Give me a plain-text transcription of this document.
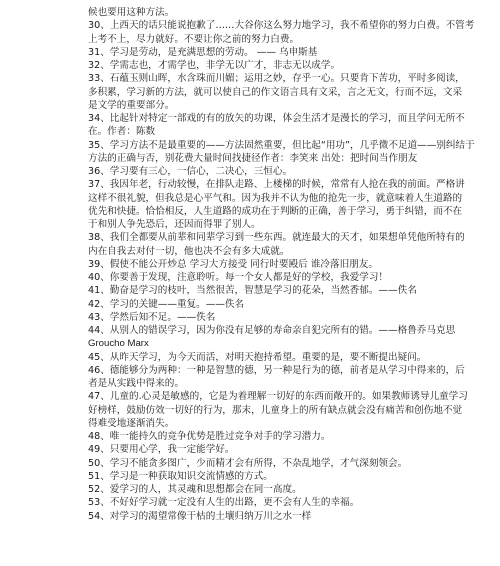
候也要用这种方法。
30、上西天的话只能说抱歉了……大谷你这么努力地学习，我不希望你的努力白费。不管考
上考不上，尽力就好。不要让你之前的努力白费。
31、学习是劳动，是充满思想的劳动。 —— 乌申斯基
32、学需志也，才需学也，非学无以广才，非志无以成学。
33、石蕴玉则山晖，水含珠而川媚；运用之妙，存乎一心。只要肯下苦功，平时多阅读，
多积累，学习新的方法，就可以使自己的作文语言具有文采，言之无文，行而不远，文采
是文学的重要部分。
34、比起针对特定一部戏的有的放矢的功课，体会生活才是漫长的学习，而且学问无所不
在。作者：陈数
35、学习方法不是最重要的——方法固然重要，但比起“用功”，几乎微不足道——别纠结于
方法的正确与否，别花费大量时间找捷径作者：李笑来 出处：把时间当作朋友
36、学习要有三心，一信心，二决心，三恒心。
37、我因年老，行动较慢，在排队走路、上楼梯的时候，常常有人抢在我的前面。严格讲
这样不很礼貌，但我总是心平气和。因为我并不认为他的抢先一步，就意味着人生道路的
优先和快捷。恰恰相反，人生道路的成功在于判断的正确，善于学习，勇于纠错，而不在
于和别人争先恐后，还因而得罪了别人。
38、我们全都要从前辈和同辈学习到一些东西。就连最大的天才，如果想单凭他所特有的
内在自我去对付一切，他也决不会有多大成就。
39、假使不能公开炒总 学习大方接受 同行时要殿后 谁冷落旧朋友。
40、你要善于发现，注意聆听。每一个女人都是好的学校，我爱学习！
41、勤奋是学习的枝叶，当然很苦，智慧是学习的花朵，当然香郁。——佚名
42、学习的关键——重复。——佚名
43、学然后知不足。——佚名
44、从别人的错误学习，因为你没有足够的寿命亲自犯完所有的错。——格鲁乔马克思
Groucho Marx
45、从昨天学习，为今天而活，对明天抱持希望。重要的是，要不断提出疑问。
46、德能够分为两种：一种是智慧的德，另一种是行为的德，前者是从学习中得来的，后
者是从实践中得来的。
47、儿童的.心灵是敏感的，它是为着理解一切好的东西而敞开的。如果教师诱导儿童学习
好榜样，鼓励仿效一切好的行为，那末，儿童身上的所有缺点就会没有痛苦和创伤地不觉
得难受地逐渐消失。
48、唯一能持久的竞争优势是胜过竞争对手的学习潜力。
49、只要用心学，我一定能学好。
50、学习不能贪多图广，少而精才会有所得，不杂乱地学，才气深刻领会。
51、学习是一种获取知识交流情感的方式。
52、爱学习的人，其灵魂和思想都会在同一高度。
53、不好好学习就一定没有人生的出路，更不会有人生的幸福。
54、对学习的渴望常像干枯的土壤归纳万川之水一样
